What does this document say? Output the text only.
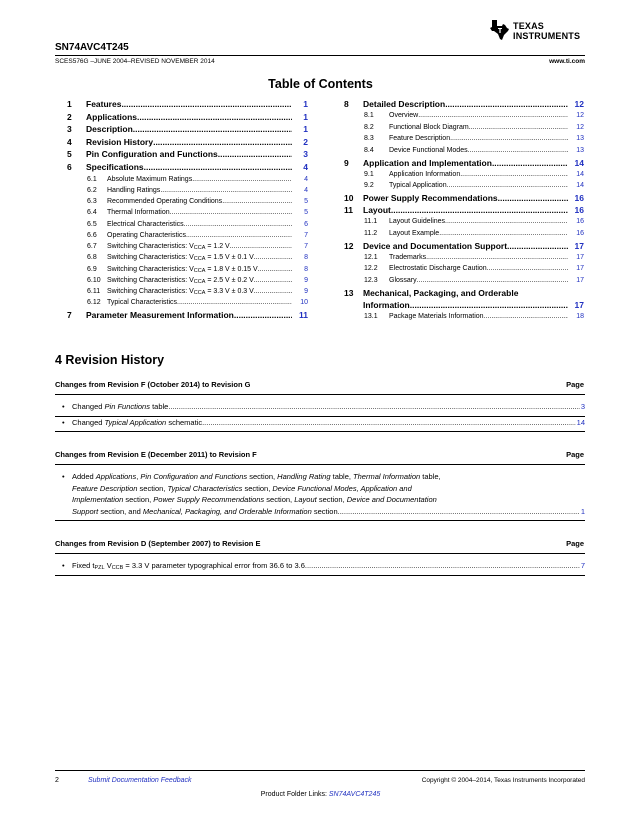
TEXAS
INSTRUMENTS
SN74AVC4T245
SCES576G –JUNE 2004–REVISED NOVEMBER 2014	www.ti.com
Table of Contents
1 Features .....	1
2 Applications .....	1
3 Description .....	1
4 Revision History .....	2
5 Pin Configuration and Functions .....	3
6 Specifications .....	4
6.1 Absolute Maximum Ratings .....	4
6.2 Handling Ratings .....	4
6.3 Recommended Operating Conditions .....	5
6.4 Thermal Information .....	5
6.5 Electrical Characteristics .....	6
6.6 Operating Characteristics .....	7
6.7 Switching Characteristics: $V_{CCA} = 1.2$ V .....	7
6.8 Switching Characteristics: $V_{CCA} = 1.5$ V ± 0.1 V .....	8
6.9 Switching Characteristics: $V_{CCA} = 1.8$ V ± 0.15 V .....	8
6.10 Switching Characteristics: $V_{CCA} = 2.5$ V ± 0.2 V .....	9
6.11 Switching Characteristics: $V_{CCA} = 3.3$ V ± 0.3 V .....	9
6.12 Typical Characteristics .....	10
7 Parameter Measurement Information .....	11
8 Detailed Description .....	12
8.1 Overview .....	12
8.2 Functional Block Diagram .....	12
8.3 Feature Description .....	13
8.4 Device Functional Modes .....	13
9 Application and Implementation .....	14
9.1 Application Information .....	14
9.2 Typical Application .....	14
10 Power Supply Recommendations .....	16
11 Layout .....	16
11.1 Layout Guidelines .....	16
11.2 Layout Example .....	16
12 Device and Documentation Support .....	17
12.1 Trademarks .....	17
12.2 Electrostatic Discharge Caution .....	17
12.3 Glossary .....	17
13 Mechanical, Packaging, and Orderable
Information .....	17
13.1 Package Materials Information .....	18
4 Revision History
Changes from Revision F (October 2014) to Revision G	Page
• Changed Pin Functions table. .....	3
• Changed Typical Application schematic. .....	14
Changes from Revision E (December 2011) to Revision F	Page
• Added Applications, Pin Configuration and Functions section, Handling Rating table, Thermal Information table,
Feature Description section, Typical Characteristics section, Device Functional Modes, Application and
Implementation section, Power Supply Recommendations section, Layout section, Device and Documentation
Support section, and Mechanical, Packaging, and Orderable Information section .....	1
Changes from Revision D (September 2007) to Revision E	Page
• Fixed $t_{PZL}$ $V_{CCB} = 3.3$ V parameter typographical error from 36.6 to 3.6. .....	7
2	Submit Documentation Feedback	Copyright © 2004–2014, Texas Instruments Incorporated
Product Folder Links: SN74AVC4T245
